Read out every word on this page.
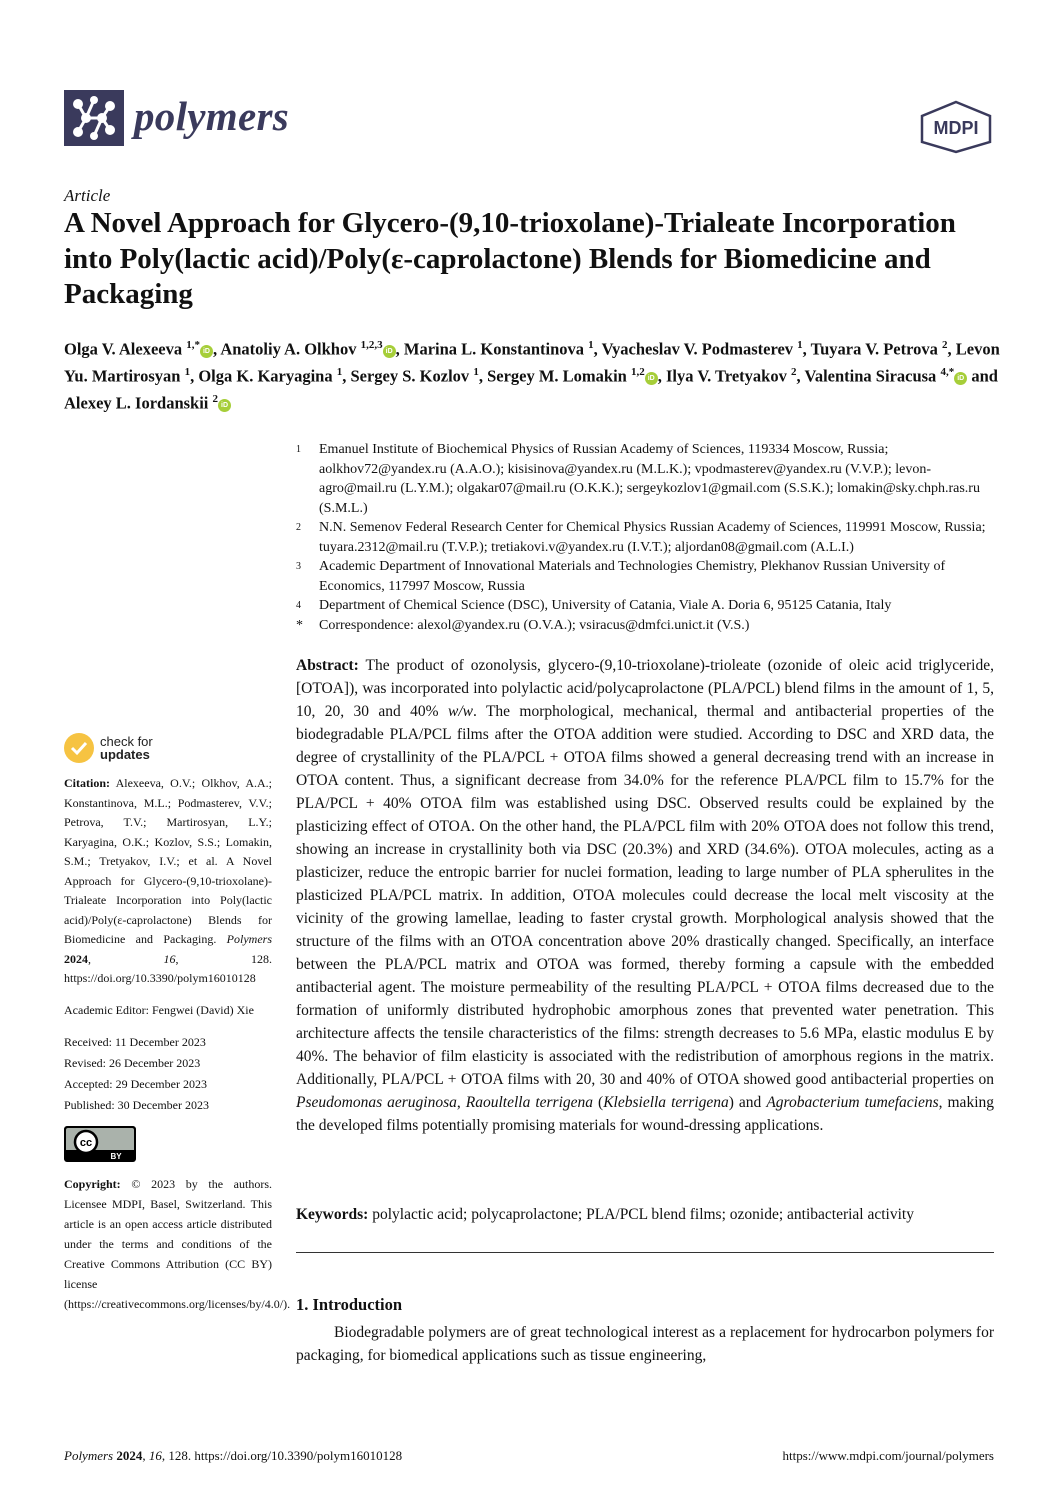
polymers	MDPI
Article
A Novel Approach for Glycero-(9,10-trioxolane)-Trialeate Incorporation into Poly(lactic acid)/Poly(ε-caprolactone) Blends for Biomedicine and Packaging
Olga V. Alexeeva $^{1,*}$ iD , Anatoliy A. Olkhov $^{1,2,3}$ iD , Marina L. Konstantinova $^1$, Vyacheslav V. Podmasterev $^1$, Tuyara V. Petrova $^2$, Levon Yu. Martirosyan $^1$, Olga K. Karyagina $^1$, Sergey S. Kozlov $^1$, Sergey M. Lomakin $^{1,2}$ iD , Ilya V. Tretyakov $^2$, Valentina Siracusa $^{4,*}$ iD and Alexey L. Iordanskii $^2$ iD
1	Emanuel Institute of Biochemical Physics of Russian Academy of Sciences, 119334 Moscow, Russia; aolkhov72@yandex.ru (A.A.O.); kisisinova@yandex.ru (M.L.K.); vpodmasterev@yandex.ru (V.V.P.); levon-agro@mail.ru (L.Y.M.); olgakar07@mail.ru (O.K.K.); sergeykozlov1@gmail.com (S.S.K.); lomakin@sky.chph.ras.ru (S.M.L.)
2	N.N. Semenov Federal Research Center for Chemical Physics Russian Academy of Sciences, 119991 Moscow, Russia; tuyara.2312@mail.ru (T.V.P.); tretiakovi.v@yandex.ru (I.V.T.); aljordan08@gmail.com (A.L.I.)
3	Academic Department of Innovational Materials and Technologies Chemistry, Plekhanov Russian University of Economics, 117997 Moscow, Russia
4	Department of Chemical Science (DSC), University of Catania, Viale A. Doria 6, 95125 Catania, Italy
*	Correspondence: alexol@yandex.ru (O.V.A.); vsiracus@dmfci.unict.it (V.S.)
check for
updates
Citation: Alexeeva, O.V.; Olkhov, A.A.; Konstantinova, M.L.; Podmasterev, V.V.; Petrova, T.V.; Martirosyan, L.Y.; Karyagina, O.K.; Kozlov, S.S.; Lomakin, S.M.; Tretyakov, I.V.; et al. A Novel Approach for Glycero-(9,10-trioxolane)-Trialeate Incorporation into Poly(lactic acid)/Poly(ε-caprolactone) Blends for Biomedicine and Packaging. Polymers 2024, 16, 128. https://doi.org/10.3390/polym16010128
Academic Editor: Fengwei (David) Xie
Received: 11 December 2023
Revised: 26 December 2023
Accepted: 29 December 2023
Published: 30 December 2023
cc
BY
Copyright: © 2023 by the authors. Licensee MDPI, Basel, Switzerland. This article is an open access article distributed under the terms and conditions of the Creative Commons Attribution (CC BY) license (https://creativecommons.org/licenses/by/4.0/).
Abstract: The product of ozonolysis, glycero-(9,10-trioxolane)-trioleate (ozonide of oleic acid triglyceride, [OTOA]), was incorporated into polylactic acid/polycaprolactone (PLA/PCL) blend films in the amount of 1, 5, 10, 20, 30 and 40% w/w. The morphological, mechanical, thermal and antibacterial properties of the biodegradable PLA/PCL films after the OTOA addition were studied. According to DSC and XRD data, the degree of crystallinity of the PLA/PCL + OTOA films showed a general decreasing trend with an increase in OTOA content. Thus, a significant decrease from 34.0% for the reference PLA/PCL film to 15.7% for the PLA/PCL + 40% OTOA film was established using DSC. Observed results could be explained by the plasticizing effect of OTOA. On the other hand, the PLA/PCL film with 20% OTOA does not follow this trend, showing an increase in crystallinity both via DSC (20.3%) and XRD (34.6%). OTOA molecules, acting as a plasticizer, reduce the entropic barrier for nuclei formation, leading to large number of PLA spherulites in the plasticized PLA/PCL matrix. In addition, OTOA molecules could decrease the local melt viscosity at the vicinity of the growing lamellae, leading to faster crystal growth. Morphological analysis showed that the structure of the films with an OTOA concentration above 20% drastically changed. Specifically, an interface between the PLA/PCL matrix and OTOA was formed, thereby forming a capsule with the embedded antibacterial agent. The moisture permeability of the resulting PLA/PCL + OTOA films decreased due to the formation of uniformly distributed hydrophobic amorphous zones that prevented water penetration. This architecture affects the tensile characteristics of the films: strength decreases to 5.6 MPa, elastic modulus E by 40%. The behavior of film elasticity is associated with the redistribution of amorphous regions in the matrix. Additionally, PLA/PCL + OTOA films with 20, 30 and 40% of OTOA showed good antibacterial properties on Pseudomonas aeruginosa, Raoultella terrigena (Klebsiella terrigena) and Agrobacterium tumefaciens, making the developed films potentially promising materials for wound-dressing applications.
Keywords: polylactic acid; polycaprolactone; PLA/PCL blend films; ozonide; antibacterial activity
1. Introduction
Biodegradable polymers are of great technological interest as a replacement for hydrocarbon polymers for packaging, for biomedical applications such as tissue engineering,
Polymers 2024, 16, 128. https://doi.org/10.3390/polym16010128	https://www.mdpi.com/journal/polymers
